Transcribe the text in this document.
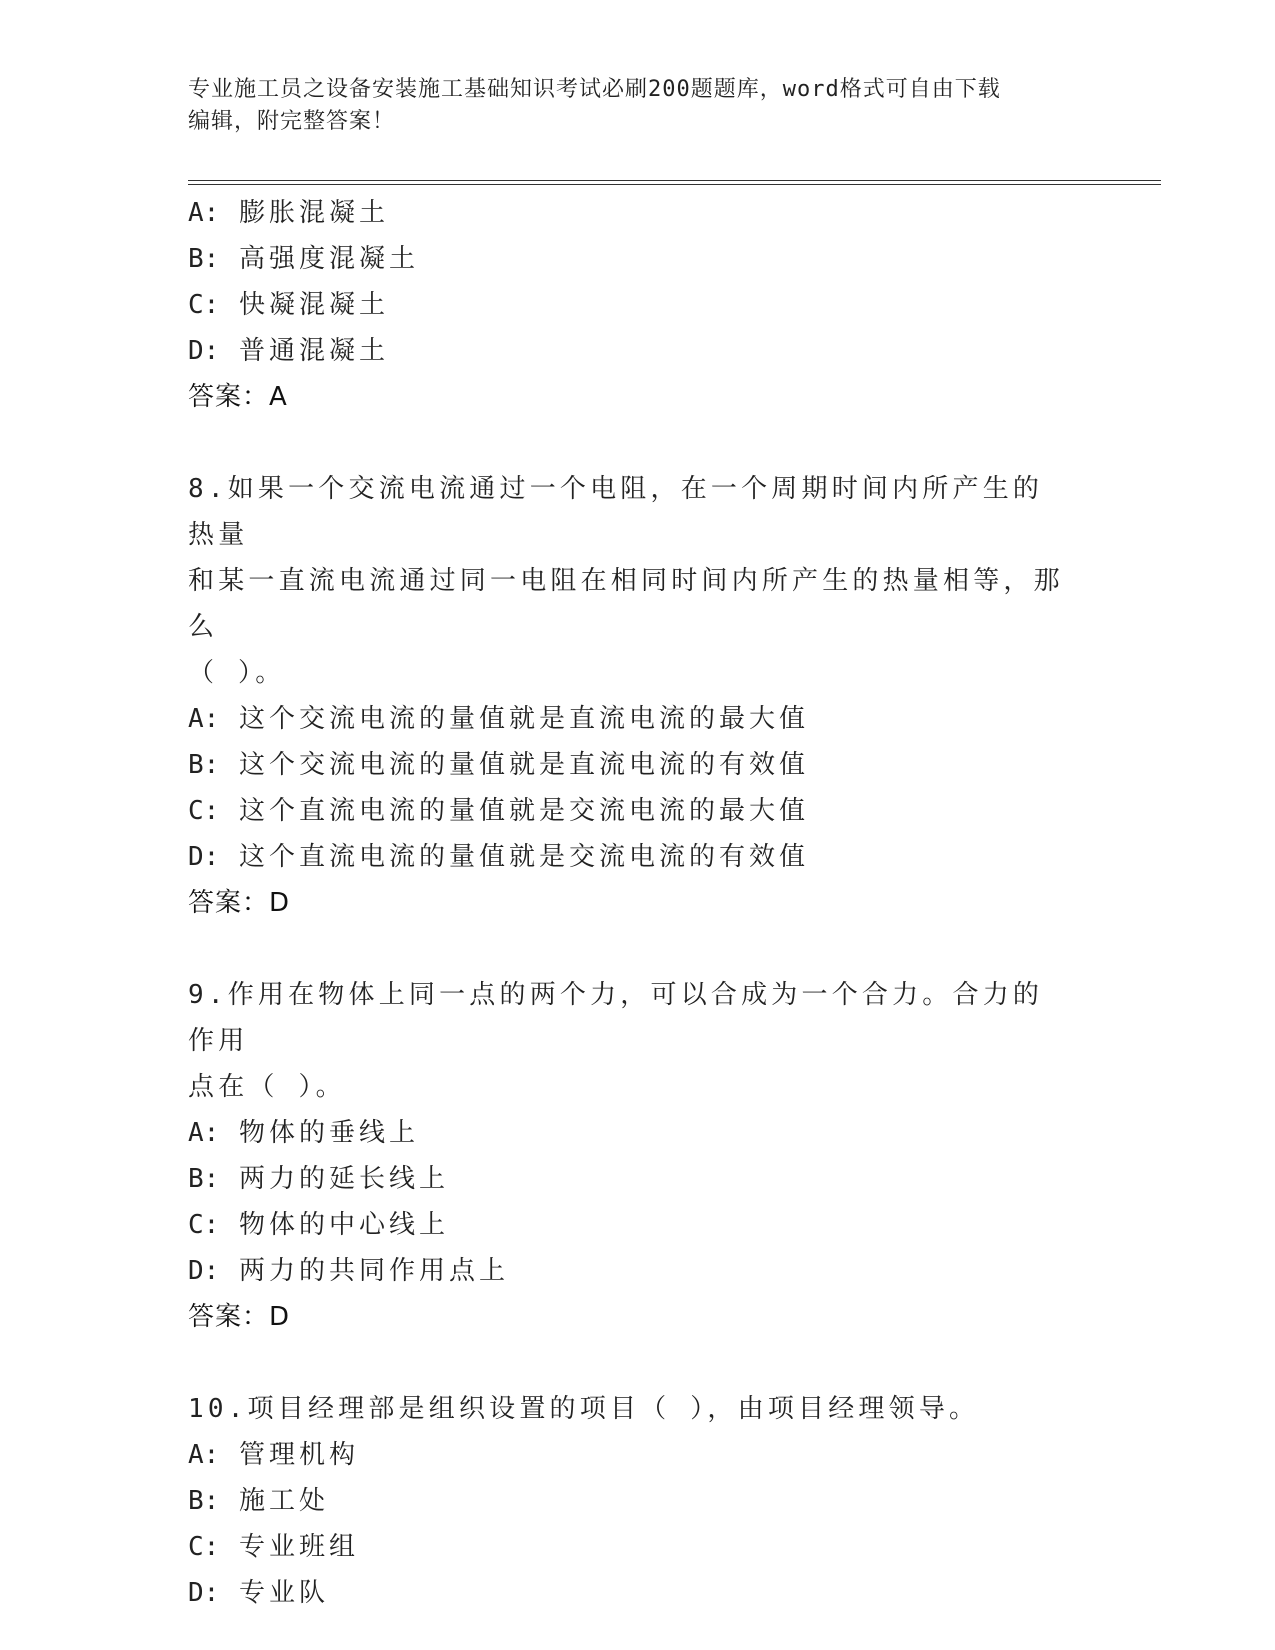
专业施工员之设备安装施工基础知识考试必刷200题题库，word格式可自由下载
编辑，附完整答案！
A: 膨胀混凝土
B: 高强度混凝土
C: 快凝混凝土
D: 普通混凝土
答案：A
8.如果一个交流电流通过一个电阻，在一个周期时间内所产生的热量
和某一直流电流通过同一电阻在相同时间内所产生的热量相等，那么
（ ）。
A: 这个交流电流的量值就是直流电流的最大值
B: 这个交流电流的量值就是直流电流的有效值
C: 这个直流电流的量值就是交流电流的最大值
D: 这个直流电流的量值就是交流电流的有效值
答案：D
9.作用在物体上同一点的两个力，可以合成为一个合力。合力的作用
点在（ ）。
A: 物体的垂线上
B: 两力的延长线上
C: 物体的中心线上
D: 两力的共同作用点上
答案：D
10.项目经理部是组织设置的项目（ ），由项目经理领导。
A: 管理机构
B: 施工处
C: 专业班组
D: 专业队
